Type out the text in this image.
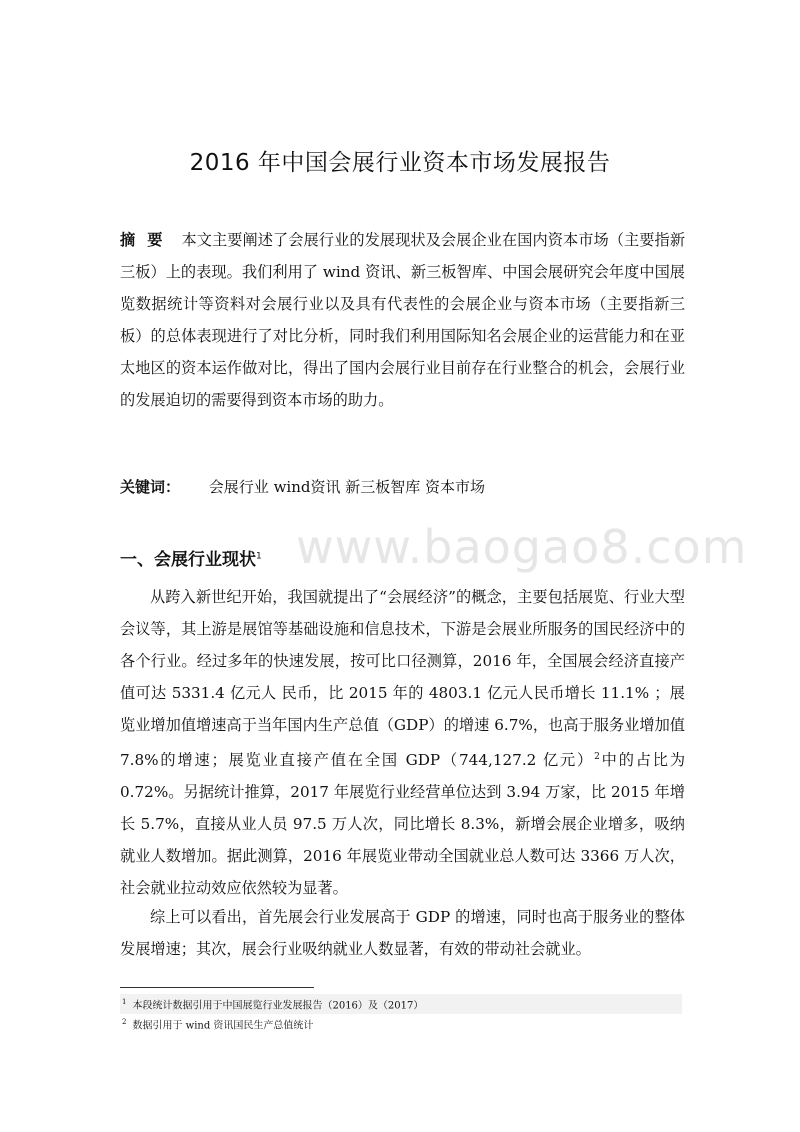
2016 年中国会展行业资本市场发展报告

摘要 本文主要阐述了会展行业的发展现状及会展企业在国内资本市场（主要指新三板）上的表现。我们利用了 wind 资讯、新三板智库、中国会展研究会年度中国展览数据统计等资料对会展行业以及具有代表性的会展企业与资本市场（主要指新三板）的总体表现进行了对比分析，同时我们利用国际知名会展企业的运营能力和在亚太地区的资本运作做对比，得出了国内会展行业目前存在行业整合的机会，会展行业的发展迫切的需要得到资本市场的助力。

关键词： 会展行业 wind资讯 新三板智库 资本市场

www.baogao8.com
一、会展行业现状$^1$

从跨入新世纪开始，我国就提出了“会展经济”的概念，主要包括展览、行业大型会议等，其上游是展馆等基础设施和信息技术，下游是会展业所服务的国民经济中的各个行业。经过多年的快速发展，按可比口径测算，2016 年，全国展会经济直接产值可达 5331.4 亿元人 民币，比 2015 年的 4803.1 亿元人民币增长 11.1% ；展览业增加值增速高于当年国内生产总值（GDP）的增速 6.7%，也高于服务业增加值 7.8%的增速；展览业直接产值在全国 GDP（744,127.2 亿元）$^2$中的占比为 0.72%。另据统计推算，2017 年展览行业经营单位达到 3.94 万家，比 2015 年增长 5.7%，直接从业人员 97.5 万人次，同比增长 8.3%，新增会展企业增多，吸纳就业人数增加。据此测算，2016 年展览业带动全国就业总人数可达 3366 万人次，社会就业拉动效应依然较为显著。

综上可以看出，首先展会行业发展高于 GDP 的增速，同时也高于服务业的整体发展增速；其次，展会行业吸纳就业人数显著，有效的带动社会就业。

$^1$ 本段统计数据引用于中国展览行业发展报告（2016）及（2017）
$^2$ 数据引用于 wind 资讯国民生产总值统计
